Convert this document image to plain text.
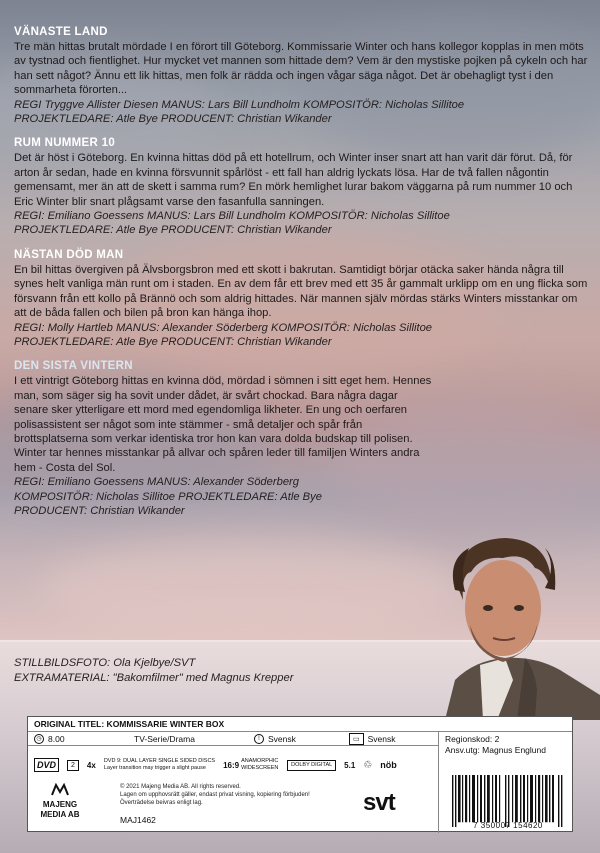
VÄNASTE LAND
Tre män hittas brutalt mördade I en förort till Göteborg. Kommissarie Winter och hans kollegor kopplas in men möts av tystnad och fientlighet. Hur mycket vet mannen som hittade dem? Vem är den mystiske pojken på cykeln och har han sett något? Ännu ett lik hittas, men folk är rädda och ingen vågar säga något. Det är obehagligt tyst i den sommarheta förorten...
REGI Tryggve Allister Diesen MANUS: Lars Bill Lundholm KOMPOSITÖR: Nicholas Sillitoe
PROJEKTLEDARE: Atle Bye PRODUCENT: Christian Wikander
RUM NUMMER 10
Det är höst i Göteborg. En kvinna hittas död på ett hotellrum, och Winter inser snart att han varit där förut. Då, för arton år sedan, hade en kvinna försvunnit spårlöst - ett fall han aldrig lyckats lösa. Har de två fallen någontin gemensamt, mer än att de skett i samma rum? En mörk hemlighet lurar bakom väggarna på rum nummer 10 och Eric Winter blir snart plågsamt varse den fasanfulla sanningen.
REGI: Emiliano Goessens MANUS: Lars Bill Lundholm KOMPOSITÖR: Nicholas Sillitoe
PROJEKTLEDARE: Atle Bye PRODUCENT: Christian Wikander
NÄSTAN DÖD MAN
En bil hittas övergiven på Älvsborgsbron med ett skott i bakrutan. Samtidigt börjar otäcka saker hända några till synes helt vanliga män runt om i staden. En av dem får ett brev med ett 35 år gammalt urklipp om en ung flicka som försvann från ett kollo på Brännö och som aldrig hittades. När mannen själv mördas stärks Winters misstankar om att de båda fallen och bilen på bron kan hänga ihop.
REGI: Molly Hartleb MANUS: Alexander Söderberg KOMPOSITÖR: Nicholas Sillitoe
PROJEKTLEDARE: Atle Bye PRODUCENT: Christian Wikander
DEN SISTA VINTERN
I ett vintrigt Göteborg hittas en kvinna död, mördad i sömnen i sitt eget hem. Hennes man, som säger sig ha sovit under dådet, är svårt chockad. Bara några dagar senare sker ytterligare ett mord med egendomliga likheter. En ung och oerfaren polisassistent ser något som inte stämmer - små detaljer och spår från brottsplatserna som verkar identiska tror hon kan vara dolda budskap till polisen. Winter tar hennes misstankar på allvar och spåren leder till familjen Winters andra hem - Costa del Sol.
REGI: Emiliano Goessens MANUS: Alexander Söderberg
KOMPOSITÖR: Nicholas Sillitoe PROJEKTLEDARE: Atle Bye
PRODUCENT: Christian Wikander
STILLBILDSFOTO: Ola Kjelbye/SVT
EXTRAMATERIAL: "Bakomfilmer" med Magnus Krepper
ORIGINAL TITEL: KOMMISSARIE WINTER BOX
◷ 8.00	TV-Serie/Drama	! Svensk	▭ Svensk	Regionskod: 2
Ansv.utg: Magnus Englund
DVD	2	4x DVD 9: DUAL LAYER SINGLE SIDED DISCS
Layer transition may trigger a slight pause	16:9 ANAMORPHIC WIDESCREEN
DOLBY DIGITAL	5.1 ♲ nöb
MAJENG
MEDIA AB
© 2021 Majeng Media AB. All rights reserved.
Lagen om upphovsrätt gäller, endast privat visning, kopiering förbjuden!
Överträdelse beivras enligt lag.
MAJ1462
svt
7 350007 154620
